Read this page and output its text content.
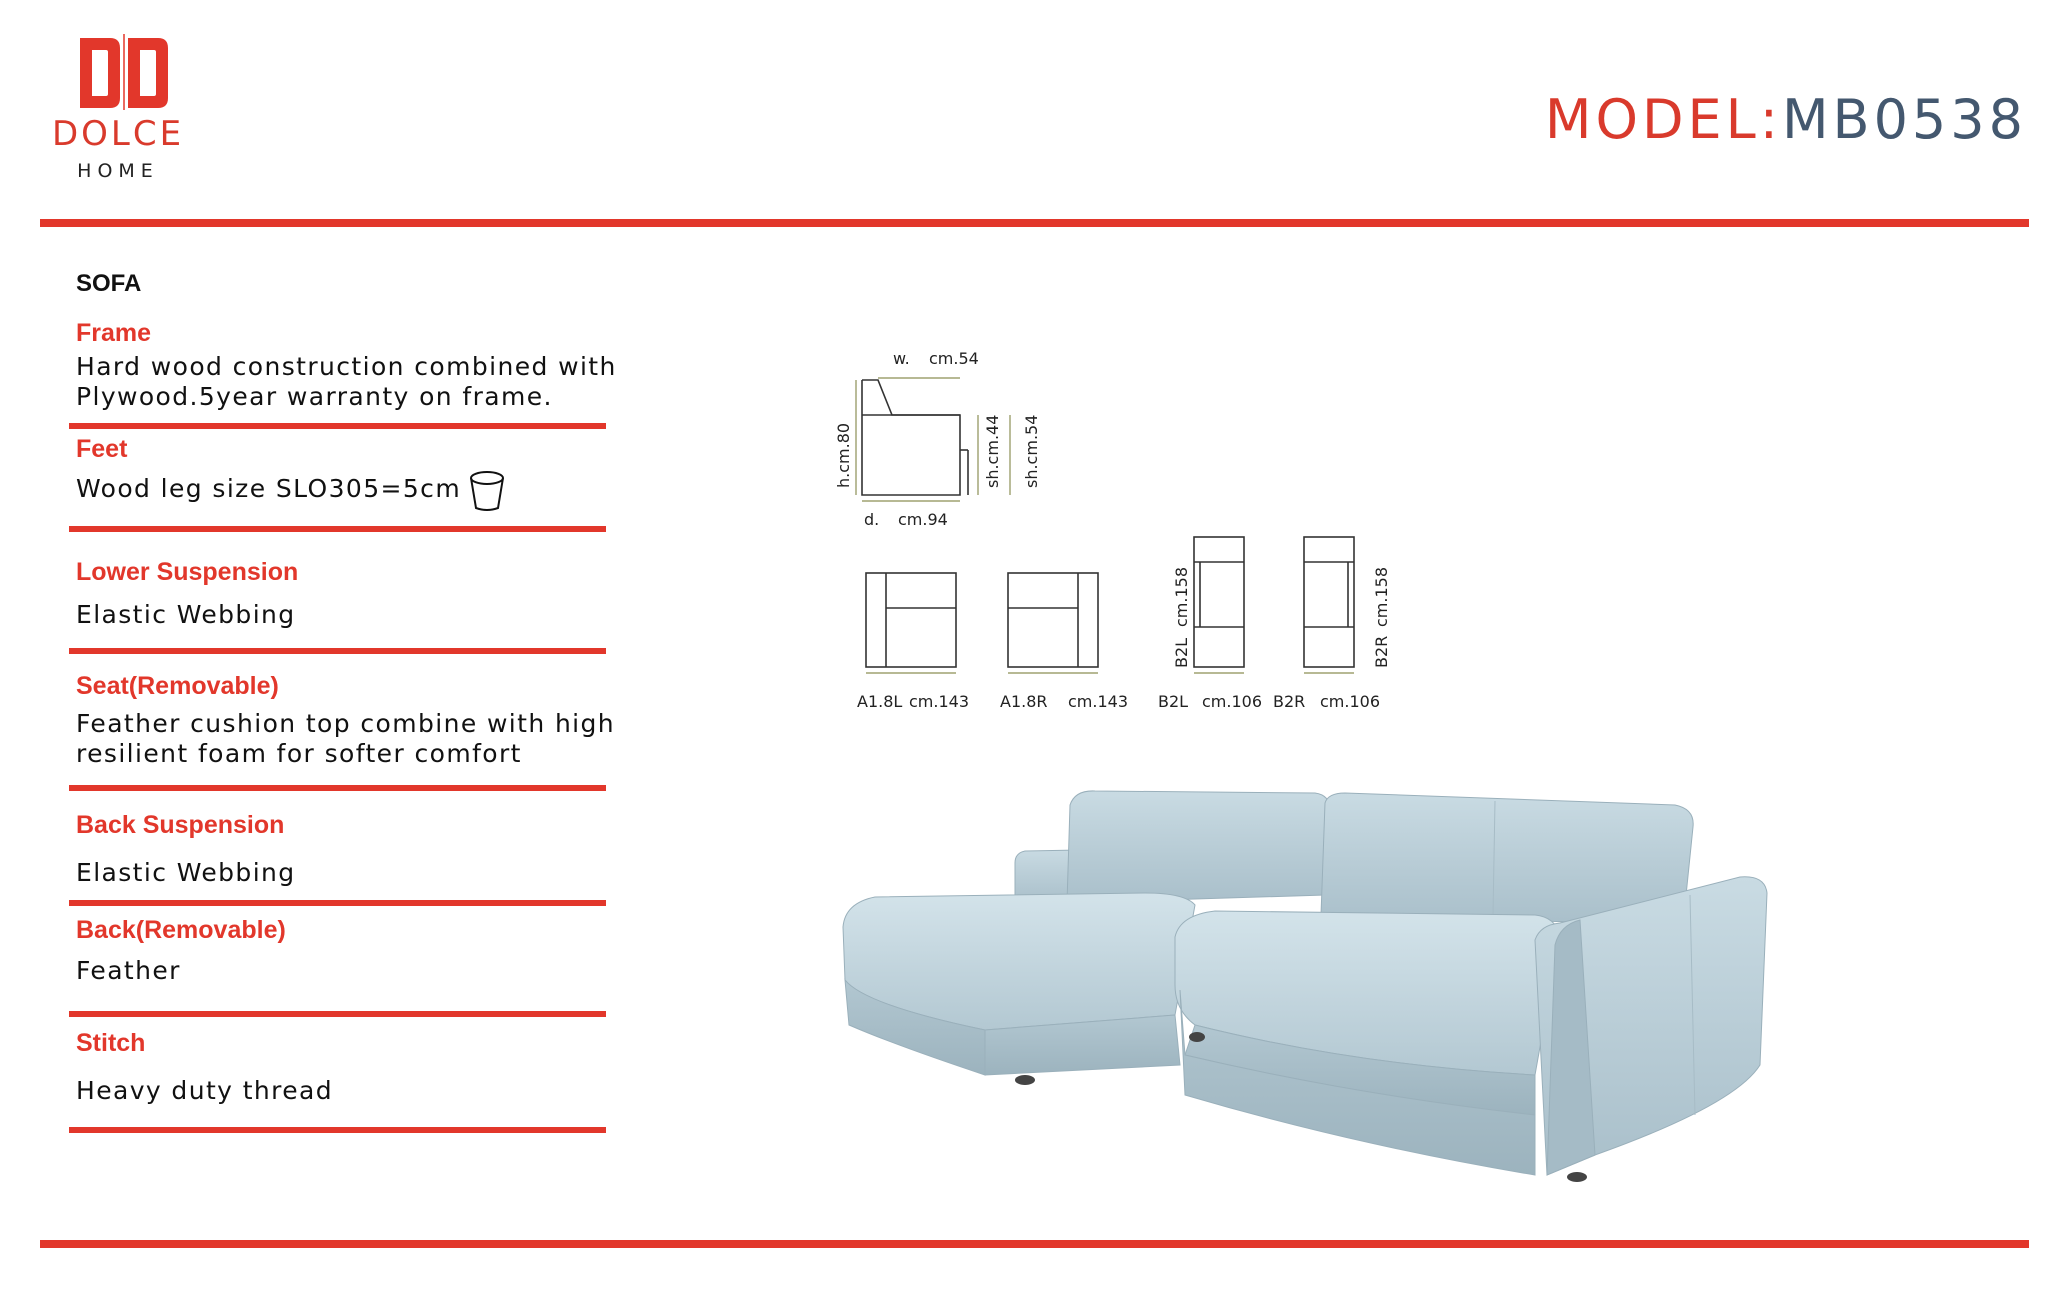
DOLCE
HOME
MODEL:MB0538
SOFA
Frame
Hard wood construction combined with
Plywood.5year warranty on frame.
Feet
Wood leg size SLO305=5cm
Lower Suspension
Elastic Webbing
Seat(Removable)
Feather cushion top combine with high
resilient foam for softer comfort
Back Suspension
Elastic Webbing
Back(Removable)
Feather
Stitch
Heavy duty thread
w. cm.54
h.cm.80	sh.cm.44 sh.cm.54
d. cm.94
A1.8L cm.143 A1.8R cm.143 B2L cm.106 B2R cm.106
B2L
cm.158
B2R
cm.158
